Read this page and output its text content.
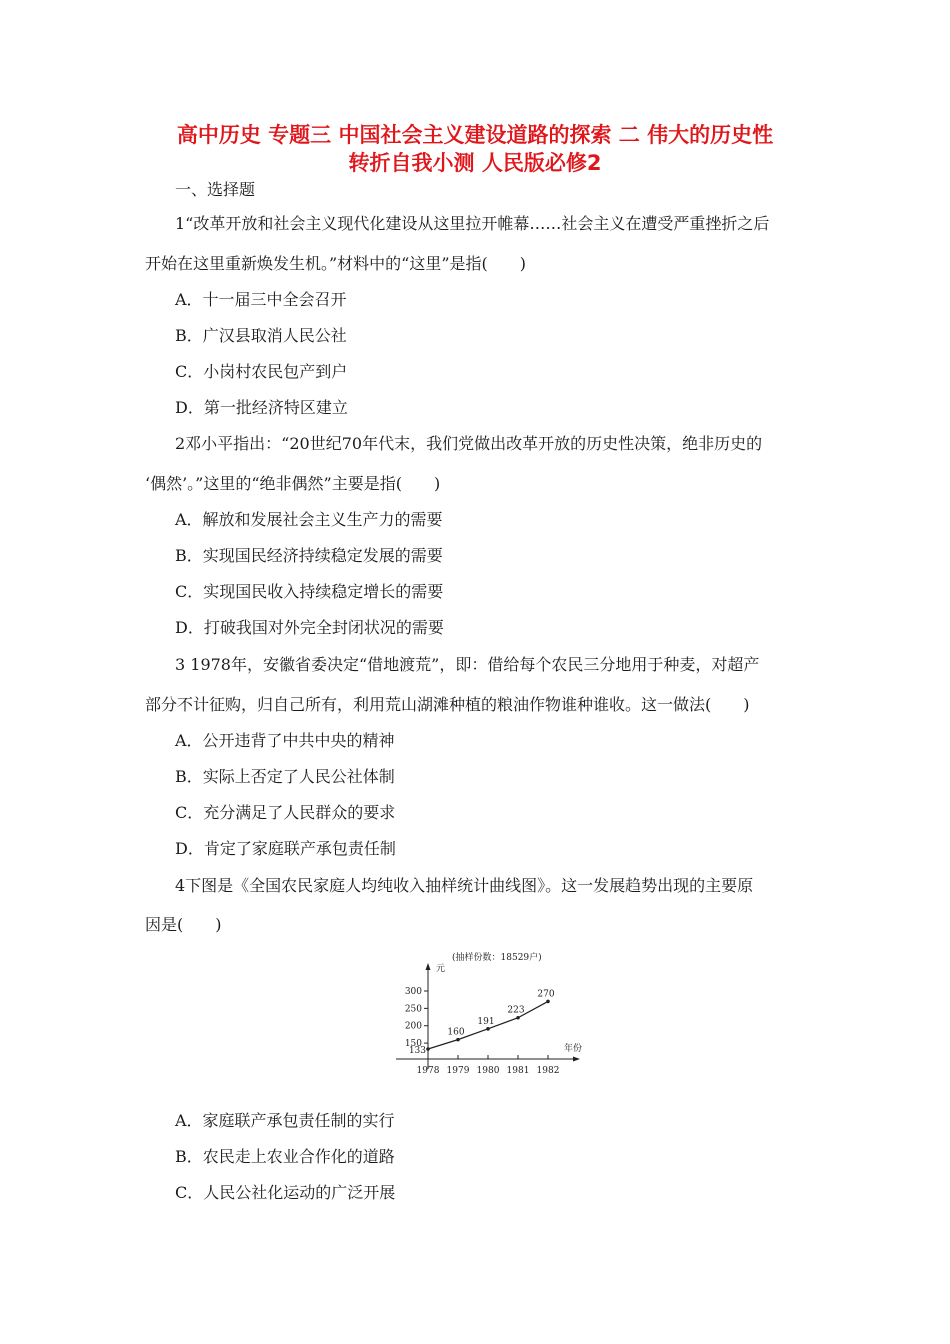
高中历史 专题三 中国社会主义建设道路的探索 二 伟大的历史性
转折自我小测 人民版必修2
一、选择题
1“改革开放和社会主义现代化建设从这里拉开帷幕……社会主义在遭受严重挫折之后
开始在这里重新焕发生机。”材料中的“这里”是指(　　)
A．十一届三中全会召开
B．广汉县取消人民公社
C．小岗村农民包产到户
D．第一批经济特区建立
2邓小平指出：“20世纪70年代末，我们党做出改革开放的历史性决策，绝非历史的
‘偶然’。”这里的“绝非偶然”主要是指(　　)
A．解放和发展社会主义生产力的需要
B．实现国民经济持续稳定发展的需要
C．实现国民收入持续稳定增长的需要
D．打破我国对外完全封闭状况的需要
3 1978年，安徽省委决定“借地渡荒”，即：借给每个农民三分地用于种麦，对超产
部分不计征购，归自己所有，利用荒山湖滩种植的粮油作物谁种谁收。这一做法(　　)
A．公开违背了中共中央的精神
B．实际上否定了人民公社体制
C．充分满足了人民群众的要求
D．肯定了家庭联产承包责任制
4下图是《全国农民家庭人均纯收入抽样统计曲线图》。这一发展趋势出现的主要原
因是(　　)
(抽样份数：18529户)
元
年份
150
200
250
300
1978 1979 1980 1981 1982
133
160
191
223
270
A．家庭联产承包责任制的实行
B．农民走上农业合作化的道路
C．人民公社化运动的广泛开展
